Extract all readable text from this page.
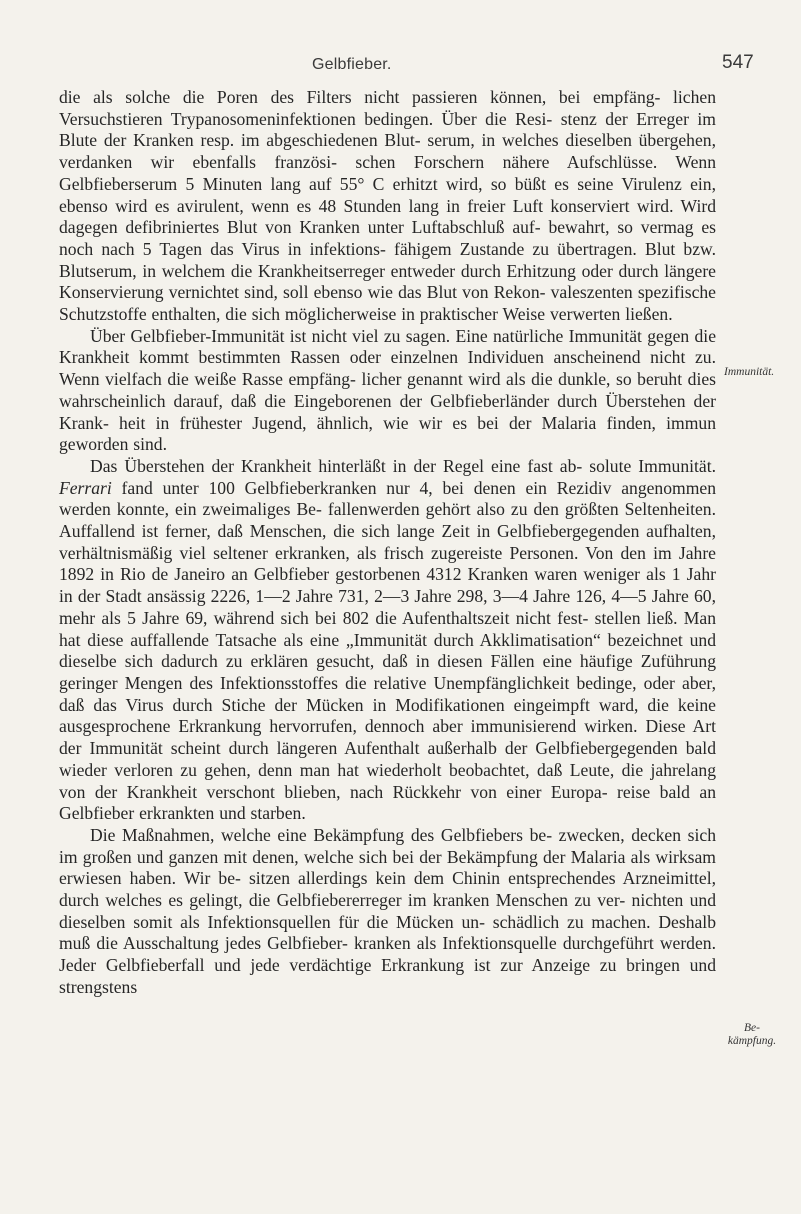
Gelbfieber.	547

die als solche die Poren des Filters nicht passieren können, bei empfäng- lichen Versuchstieren Trypanosomeninfektionen bedingen. Über die Resi- stenz der Erreger im Blute der Kranken resp. im abgeschiedenen Blut- serum, in welches dieselben übergehen, verdanken wir ebenfalls französi- schen Forschern nähere Aufschlüsse. Wenn Gelbfieberserum 5 Minuten lang auf 55° C erhitzt wird, so büßt es seine Virulenz ein, ebenso wird es avirulent, wenn es 48 Stunden lang in freier Luft konserviert wird. Wird dagegen defibriniertes Blut von Kranken unter Luftabschluß auf- bewahrt, so vermag es noch nach 5 Tagen das Virus in infektions- fähigem Zustande zu übertragen. Blut bzw. Blutserum, in welchem die Krankheitserreger entweder durch Erhitzung oder durch längere Konservierung vernichtet sind, soll ebenso wie das Blut von Rekon- valeszenten spezifische Schutzstoffe enthalten, die sich möglicherweise in praktischer Weise verwerten ließen.

Über Gelbfieber-Immunität ist nicht viel zu sagen. Eine natürliche Immunität gegen die Krankheit kommt bestimmten Rassen oder einzelnen Individuen anscheinend nicht zu. Wenn vielfach die weiße Rasse empfäng- licher genannt wird als die dunkle, so beruht dies wahrscheinlich darauf, daß die Eingeborenen der Gelbfieberländer durch Überstehen der Krank- heit in frühester Jugend, ähnlich, wie wir es bei der Malaria finden, immun geworden sind.

Das Überstehen der Krankheit hinterläßt in der Regel eine fast ab- solute Immunität. Ferrari fand unter 100 Gelbfieberkranken nur 4, bei denen ein Rezidiv angenommen werden konnte, ein zweimaliges Be- fallenwerden gehört also zu den größten Seltenheiten. Auffallend ist ferner, daß Menschen, die sich lange Zeit in Gelbfiebergegenden aufhalten, verhältnismäßig viel seltener erkranken, als frisch zugereiste Personen. Von den im Jahre 1892 in Rio de Janeiro an Gelbfieber gestorbenen 4312 Kranken waren weniger als 1 Jahr in der Stadt ansässig 2226, 1—2 Jahre 731, 2—3 Jahre 298, 3—4 Jahre 126, 4—5 Jahre 60, mehr als 5 Jahre 69, während sich bei 802 die Aufenthaltszeit nicht fest- stellen ließ. Man hat diese auffallende Tatsache als eine „Immunität durch Akklimatisation“ bezeichnet und dieselbe sich dadurch zu erklären gesucht, daß in diesen Fällen eine häufige Zuführung geringer Mengen des Infektionsstoffes die relative Unempfänglichkeit bedinge, oder aber, daß das Virus durch Stiche der Mücken in Modifikationen eingeimpft ward, die keine ausgesprochene Erkrankung hervorrufen, dennoch aber immunisierend wirken. Diese Art der Immunität scheint durch längeren Aufenthalt außerhalb der Gelbfiebergegenden bald wieder verloren zu gehen, denn man hat wiederholt beobachtet, daß Leute, die jahrelang von der Krankheit verschont blieben, nach Rückkehr von einer Europa- reise bald an Gelbfieber erkrankten und starben.

Die Maßnahmen, welche eine Bekämpfung des Gelbfiebers be- zwecken, decken sich im großen und ganzen mit denen, welche sich bei der Bekämpfung der Malaria als wirksam erwiesen haben. Wir be- sitzen allerdings kein dem Chinin entsprechendes Arzneimittel, durch welches es gelingt, die Gelbfiebererreger im kranken Menschen zu ver- nichten und dieselben somit als Infektionsquellen für die Mücken un- schädlich zu machen. Deshalb muß die Ausschaltung jedes Gelbfieber- kranken als Infektionsquelle durchgeführt werden. Jeder Gelbfieberfall und jede verdächtige Erkrankung ist zur Anzeige zu bringen und strengstens

Immunität.
Be-
kämpfung.
